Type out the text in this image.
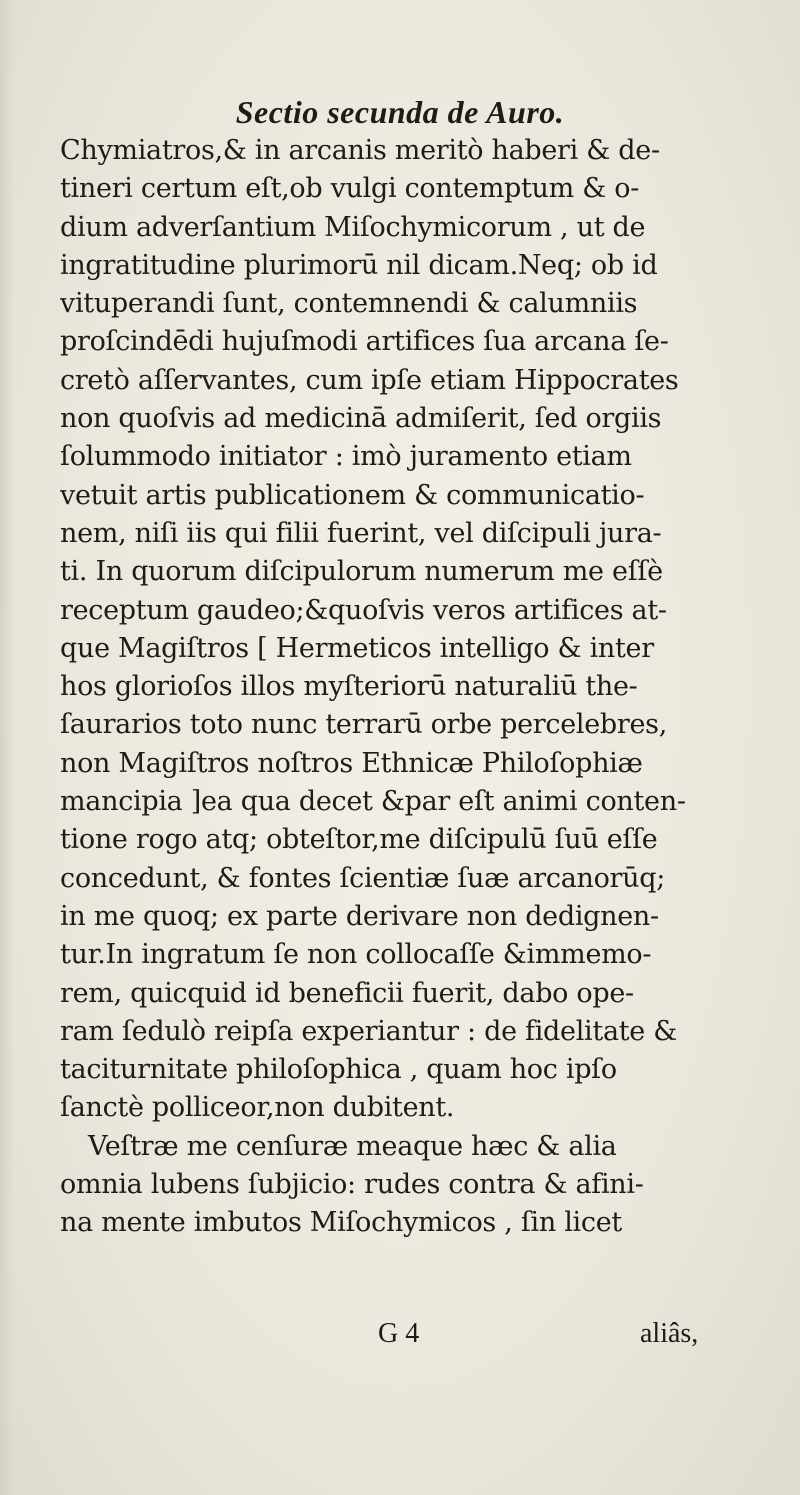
Sectio secunda de Auro.
Chymiatros,& in arcanis meritò haberi & de-
tineri certum eſt,ob vulgi contemptum & o-
dium adverſantium Miſochymicorum , ut de
ingratitudine plurimorū nil dicam.Neq; ob id
vituperandi ſunt, contemnendi & calumniis
proſcindēdi hujuſmodi artifices ſua arcana ſe-
cretò aſſervantes, cum ipſe etiam Hippocrates
non quoſvis ad medicinā admiſerit, ſed orgiis
ſolummodo initiator : imò juramento etiam
vetuit artis publicationem & communicatio-
nem, niſi iis qui filii fuerint, vel diſcipuli jura-
ti. In quorum diſcipulorum numerum me eſſè
receptum gaudeo;&quoſvis veros artifices at-
que Magiſtros [ Hermeticos intelligo & inter
hos glorioſos illos myſteriorū naturaliū the-
ſaurarios toto nunc terrarū orbe percelebres,
non Magiſtros noſtros Ethnicæ Philoſophiæ
mancipia ]ea qua decet &par eſt animi conten-
tione rogo atq; obteſtor,me diſcipulū ſuū eſſe
concedunt, & fontes ſcientiæ ſuæ arcanorūq;
in me quoq; ex parte derivare non dedignen-
tur.In ingratum ſe non collocaſſe &immemo-
rem, quicquid id beneficii fuerit, dabo ope-
ram ſedulò reipſa experiantur : de fidelitate &
taciturnitate philoſophica , quam hoc ipſo
ſanctè polliceor,non dubitent.
Veſtræ me cenſuræ meaque hæc & alia
omnia lubens ſubjicio: rudes contra & afini-
na mente imbutos Miſochymicos , ſin licet
G 4	aliâs,
